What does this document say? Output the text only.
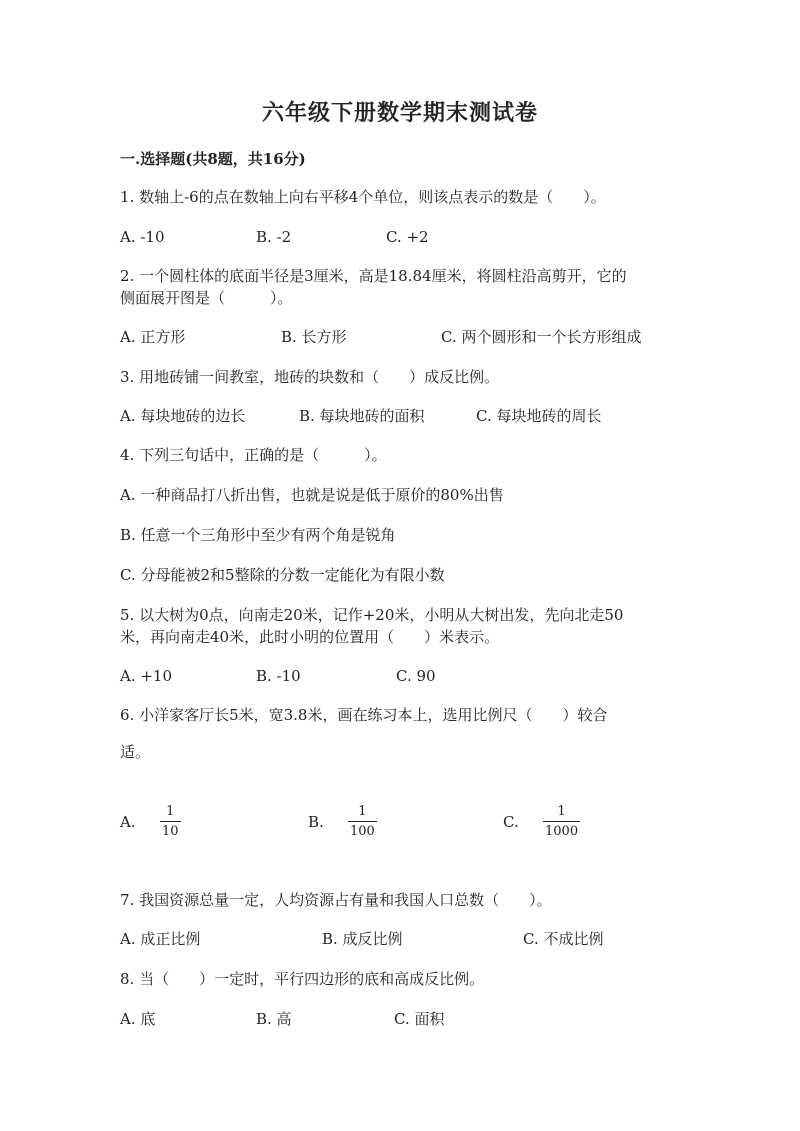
六年级下册数学期末测试卷
一.选择题(共8题，共16分)
1. 数轴上-6的点在数轴上向右平移4个单位，则该点表示的数是（　　）。
A. -10	B. -2	C. +2
2. 一个圆柱体的底面半径是3厘米，高是18.84厘米，将圆柱沿高剪开，它的
侧面展开图是（　　　）。
A. 正方形	B. 长方形	C. 两个圆形和一个长方形组成
3. 用地砖铺一间教室，地砖的块数和（　　）成反比例。
A. 每块地砖的边长	B. 每块地砖的面积	C. 每块地砖的周长
4. 下列三句话中，正确的是（　　　）。
A. 一种商品打八折出售，也就是说是低于原价的80%出售
B. 任意一个三角形中至少有两个角是锐角
C. 分母能被2和5整除的分数一定能化为有限小数
5. 以大树为0点，向南走20米，记作+20米，小明从大树出发，先向北走50
米，再向南走40米，此时小明的位置用（　　）米表示。
A. +10	B. -10	C. 90
6. 小洋家客厅长5米，宽3.8米，画在练习本上，选用比例尺（　　）较合
适。
A.
1
10
B.
1
100
C.
1
1000
7. 我国资源总量一定，人均资源占有量和我国人口总数（　　）。
A. 成正比例	B. 成反比例	C. 不成比例
8. 当（　　）一定时，平行四边形的底和高成反比例。
A. 底	B. 高	C. 面积
